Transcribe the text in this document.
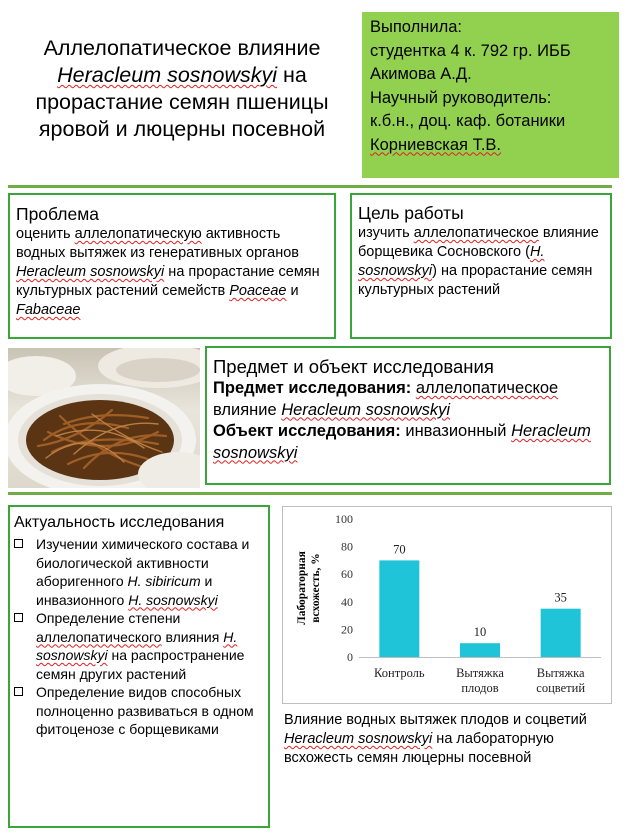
Аллелопатическое влияние
Heracleum sosnowskyi на
прорастание семян пшеницы
яровой и люцерны посевной
Выполнила:
студентка 4 к. 792 гр. ИББ
Акимова А.Д.
Научный руководитель:
к.б.н., доц. каф. ботаники
Корниевская Т.В.
Проблема
оценить аллелопатическую активность водных вытяжек из генеративных органов Heracleum sosnowskyi на прорастание семян культурных растений семейств Poaceae и Fabaceae
Цель работы
изучить аллелопатическое влияние борщевика Сосновского (H. sosnowskyi) на прорастание семян культурных растений
Предмет и объект исследования
Предмет исследования: аллелопатическое влияние Heracleum sosnowskyi
Объект исследования: инвазионный Heracleum sosnowskyi
Актуальность исследования
Изучении химического состава и биологической активности аборигенного H. sibiricum и инвазионного H. sosnowskyi
Определение степени аллелопатического влияния H. sosnowskyi на распространение семян других растений
Определение видов способных полноценно развиваться в одном фитоценозе с борщевиками
0
20
40
60
80
100
Лабораторная всхожесть, %
70
Контроль
10
Вытяжка плодов
35
Вытяжка соцветий
Влияние водных вытяжек плодов и соцветий Heracleum sosnowskyi на лабораторную всхожесть семян люцерны посевной
